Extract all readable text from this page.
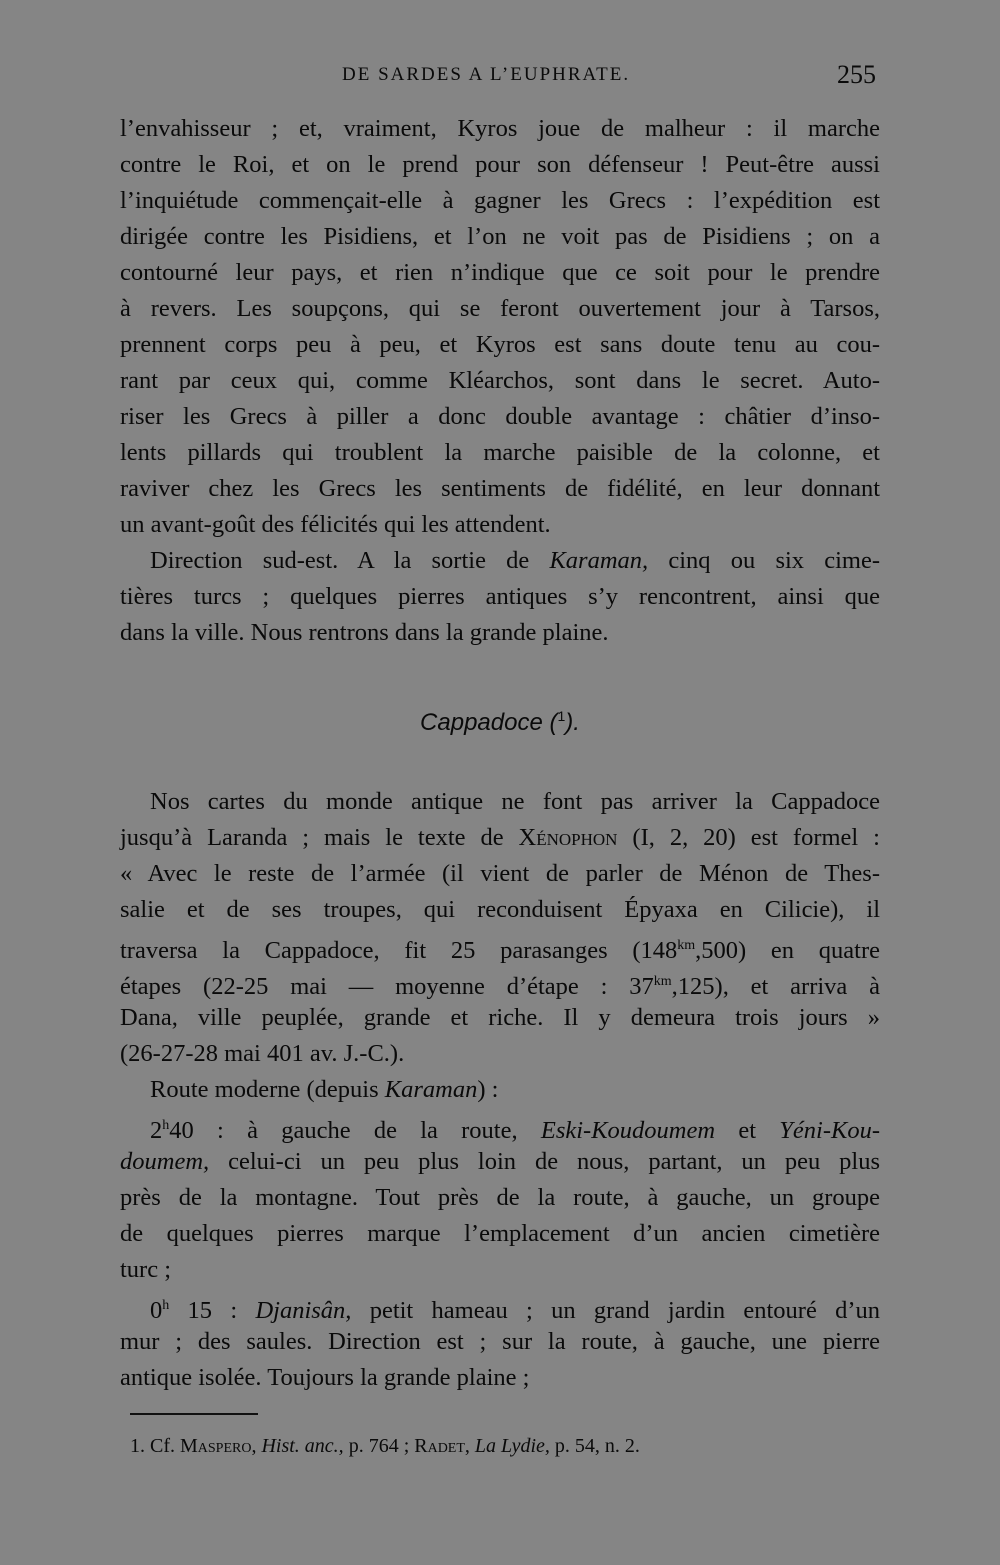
DE SARDES A L’EUPHRATE.	255
l’envahisseur ; et, vraiment, Kyros joue de malheur : il marche
contre le Roi, et on le prend pour son défenseur ! Peut-être aussi
l’inquiétude commençait-elle à gagner les Grecs : l’expédition est
dirigée contre les Pisidiens, et l’on ne voit pas de Pisidiens ; on a
contourné leur pays, et rien n’indique que ce soit pour le prendre
à revers. Les soupçons, qui se feront ouvertement jour à Tarsos,
prennent corps peu à peu, et Kyros est sans doute tenu au cou-
rant par ceux qui, comme Kléarchos, sont dans le secret. Auto-
riser les Grecs à piller a donc double avantage : châtier d’inso-
lents pillards qui troublent la marche paisible de la colonne, et
raviver chez les Grecs les sentiments de fidélité, en leur donnant
un avant-goût des félicités qui les attendent.
Direction sud-est. A la sortie de Karaman, cinq ou six cime-
tières turcs ; quelques pierres antiques s’y rencontrent, ainsi que
dans la ville. Nous rentrons dans la grande plaine.
Cappadoce ($^1$).
Nos cartes du monde antique ne font pas arriver la Cappadoce
jusqu’à Laranda ; mais le texte de Xénophon (I, 2, 20) est formel :
« Avec le reste de l’armée (il vient de parler de Ménon de Thes-
salie et de ses troupes, qui reconduisent Épyaxa en Cilicie), il
traversa la Cappadoce, fit 25 parasanges $(148^{km},500)$ en quatre
étapes (22-25 mai — moyenne d’étape : $37^{km},125$), et arriva à
Dana, ville peuplée, grande et riche. Il y demeura trois jours »
(26-27-28 mai 401 av. J.-C.).
Route moderne (depuis Karaman) :
2$^h$40 : à gauche de la route, Eski-Koudoumem et Yéni-Kou-
doumem, celui-ci un peu plus loin de nous, partant, un peu plus
près de la montagne. Tout près de la route, à gauche, un groupe
de quelques pierres marque l’emplacement d’un ancien cimetière
turc ;
0$^h$ 15 : Djanisân, petit hameau ; un grand jardin entouré d’un
mur ; des saules. Direction est ; sur la route, à gauche, une pierre
antique isolée. Toujours la grande plaine ;
1. Cf. Maspero, Hist. anc., p. 764 ; Radet, La Lydie, p. 54, n. 2.
